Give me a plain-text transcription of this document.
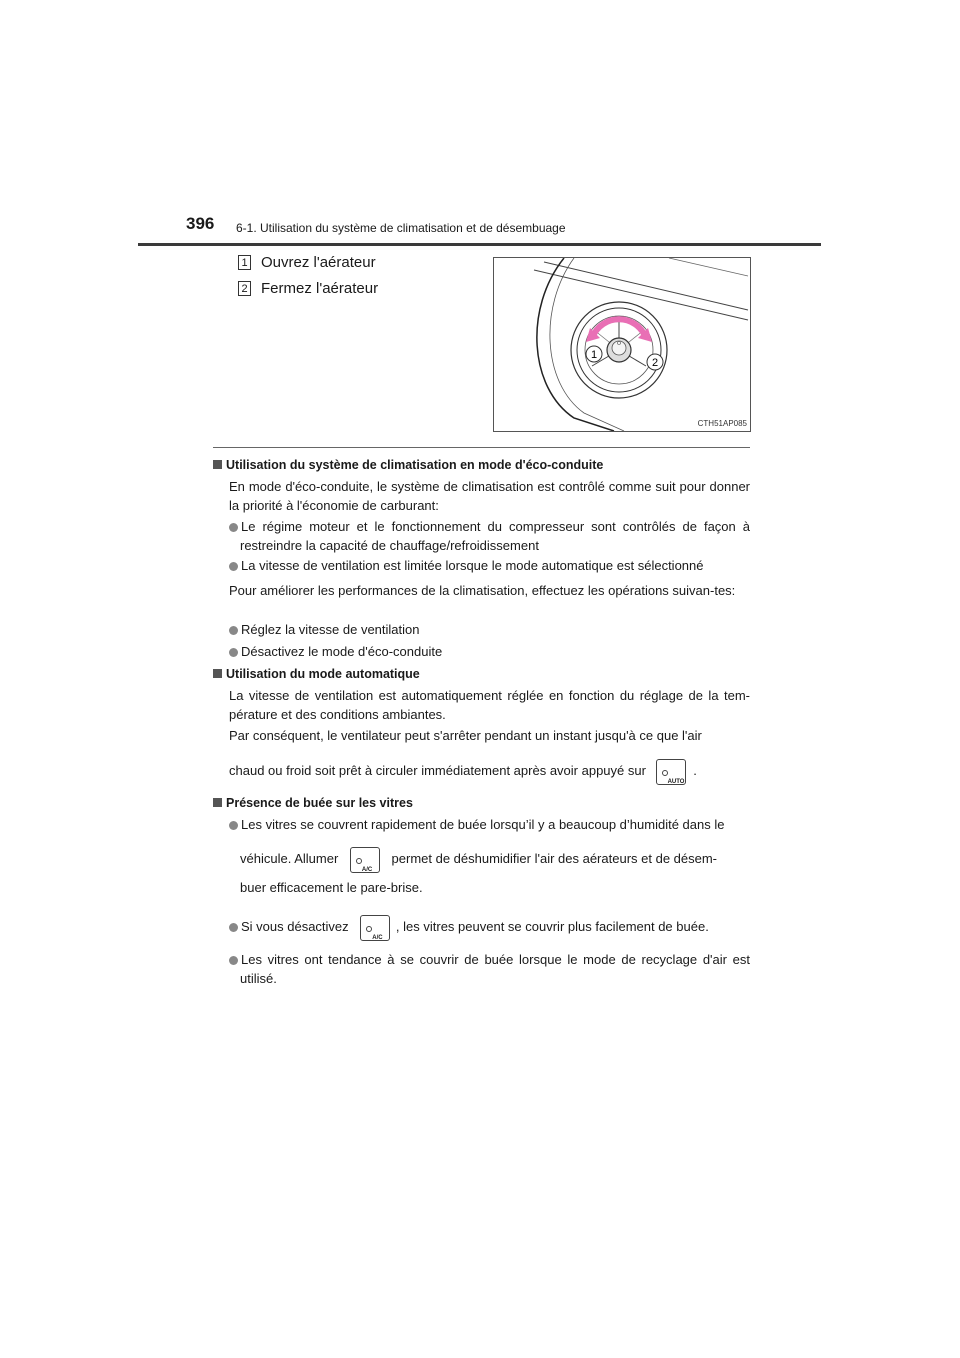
396 6-1. Utilisation du système de climatisation et de désembuage
1 Ouvrez l'aérateur
2 Fermez l'aérateur
1
2
CTH51AP085
Utilisation du système de climatisation en mode d'éco-conduite
En mode d'éco-conduite, le système de climatisation est contrôlé comme suit pour donner la priorité à l'économie de carburant:
Le régime moteur et le fonctionnement du compresseur sont contrôlés de façon à restreindre la capacité de chauffage/refroidissement
La vitesse de ventilation est limitée lorsque le mode automatique est sélectionné
Pour améliorer les performances de la climatisation, effectuez les opérations suivan-tes:
Réglez la vitesse de ventilation
Désactivez le mode d'éco-conduite
Utilisation du mode automatique
La vitesse de ventilation est automatiquement réglée en fonction du réglage de la tem-pérature et des conditions ambiantes.
Par conséquent, le ventilateur peut s'arrêter pendant un instant jusqu'à ce que l'air
chaud ou froid soit prêt à circuler immédiatement après avoir appuyé sur
AUTO
.
Présence de buée sur les vitres
Les vitres se couvrent rapidement de buée lorsqu’il y a beaucoup d’humidité dans le
véhicule. Allumer
A/C
permet de déshumidifier l'air des aérateurs et de désem-
buer efficacement le pare-brise.
Si vous désactivez
A/C
, les vitres peuvent se couvrir plus facilement de buée.
Les vitres ont tendance à se couvrir de buée lorsque le mode de recyclage d'air est utilisé.
